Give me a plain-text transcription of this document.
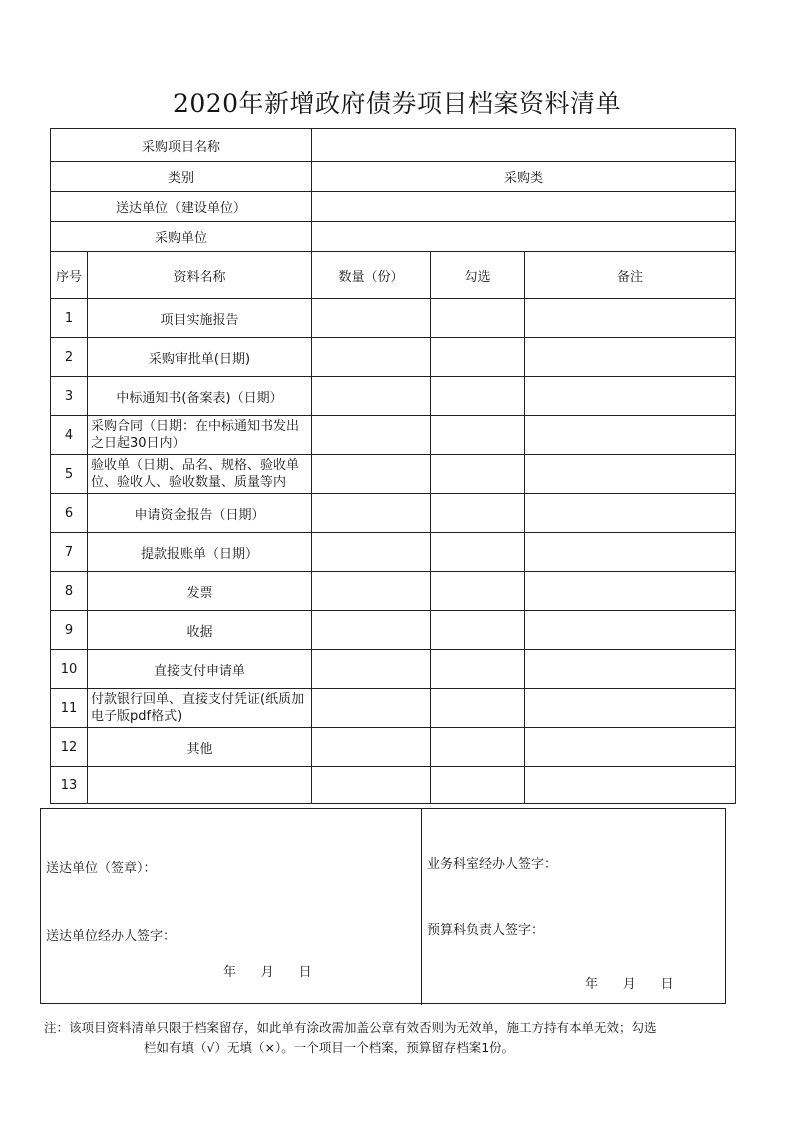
2020年新增政府债券项目档案资料清单
采购项目名称				
类别		采购类		
送达单位（建设单位）				
采购单位				
序号	资料名称	数量（份）	勾选	备注
1	项目实施报告			
2	采购审批单(日期)			
3	中标通知书(备案表)（日期）			
4	采购合同（日期：在中标通知书发出之日起30日内）			
5	验收单（日期、品名、规格、验收单位、验收人、验收数量、质量等内			
6	申请资金报告（日期）			
7	提款报账单（日期）			
8	发票			
9	收据			
10	直接支付申请单			
11	付款银行回单、直接支付凭证(纸质加电子版pdf格式)			
12	其他			
13				
送达单位（签章）：
送达单位经办人签字：
年      月      日
业务科室经办人签字：
预算科负责人签字：
年      月      日
注：该项目资料清单只限于档案留存，如此单有涂改需加盖公章有效否则为无效单，施工方持有本单无效；勾选
栏如有填（√）无填（×）。一个项目一个档案，预算留存档案1份。
